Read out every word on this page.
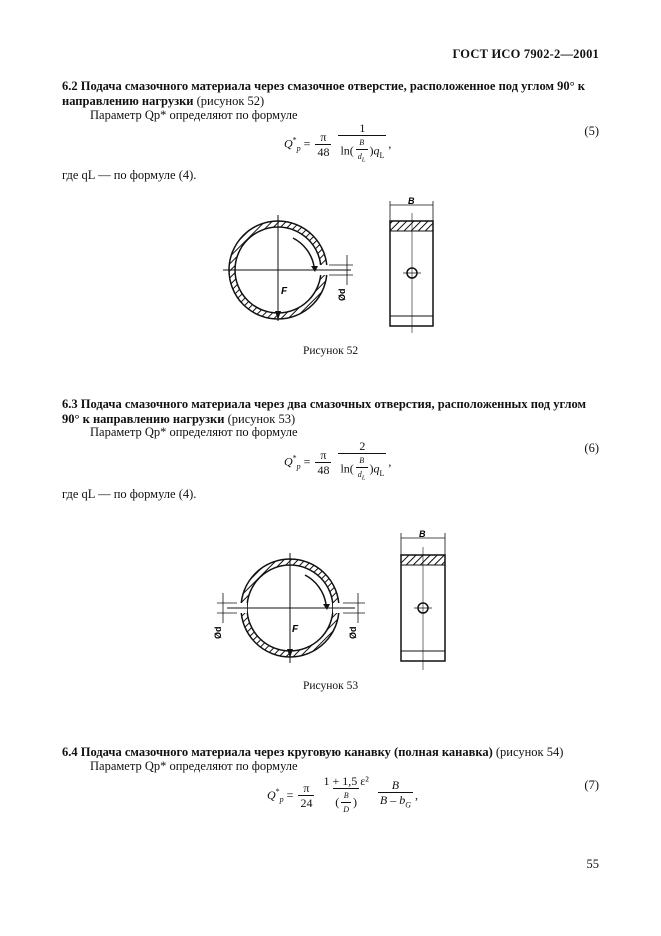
ГОСТ ИСО 7902-2—2001
6.2 Подача смазочного материала через смазочное отверстие, расположенное под углом 90° к направлению нагрузки (рисунок 52)
Параметр Qp* определяют по формуле
$Q^*_p = \frac{\pi}{48}$
$\frac{1}{\ln( \frac{B}{d_L} )q_L}$ ,
(5)
где qL — по формуле (4).
F	Ød
B
Рисунок 52
6.3 Подача смазочного материала через два смазочных отверстия, расположенных под углом 90° к направлению нагрузки (рисунок 53)
Параметр Qp* определяют по формуле
$Q^*_p = \frac{\pi}{48}$
$\frac{2}{\ln( \frac{B}{d_L} )q_L}$ ,
(6)
где qL — по формуле (4).
F
Ød	Ød
B
Рисунок 53
6.4 Подача смазочного материала через круговую канавку (полная канавка) (рисунок 54)
Параметр Qp* определяют по формуле
$Q^*_p = \frac{\pi}{24}$
$\frac{\text{1 + 1,5 ε²}}{( \frac{B}{D} )}$
$\frac{B}{B - b_G}$ ,
(7)
55
